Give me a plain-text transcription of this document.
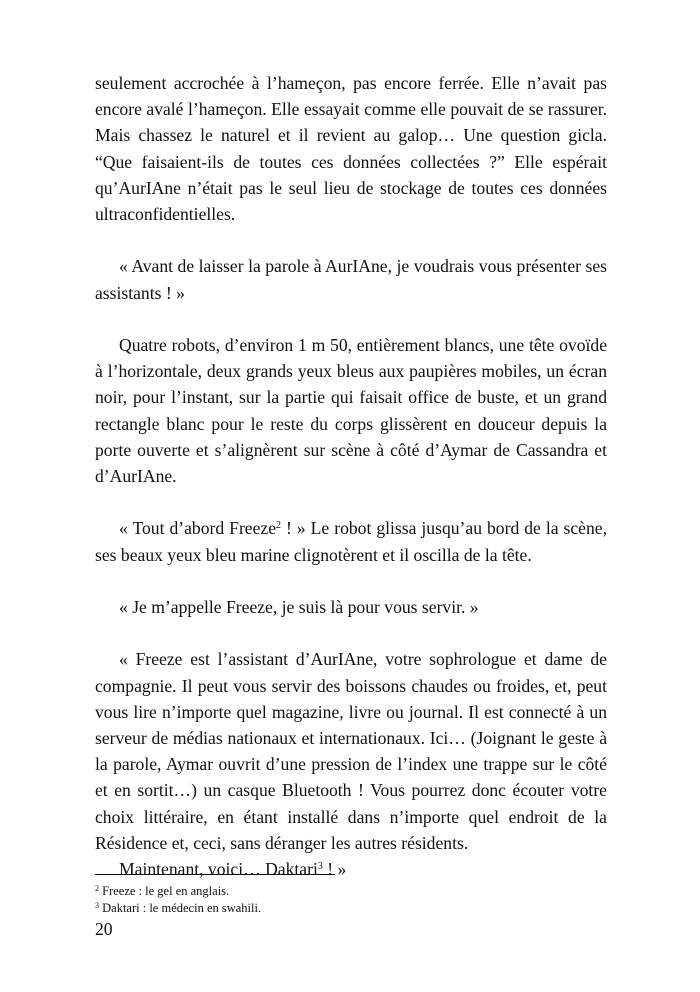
seulement accrochée à l’hameçon, pas encore ferrée. Elle n’avait pas encore avalé l’hameçon. Elle essayait comme elle pouvait de se rassurer. Mais chassez le naturel et il revient au galop… Une question gicla. “Que faisaient-ils de toutes ces données collectées ?” Elle espérait qu’AurIAne n’était pas le seul lieu de stockage de toutes ces données ultraconfidentielles.

« Avant de laisser la parole à AurIAne, je voudrais vous présenter ses assistants ! »

Quatre robots, d’environ 1 m 50, entièrement blancs, une tête ovoïde à l’horizontale, deux grands yeux bleus aux paupières mobiles, un écran noir, pour l’instant, sur la partie qui faisait office de buste, et un grand rectangle blanc pour le reste du corps glissèrent en douceur depuis la porte ouverte et s’alignèrent sur scène à côté d’Aymar de Cassandra et d’AurIAne.

« Tout d’abord Freeze$^2$ ! » Le robot glissa jusqu’au bord de la scène, ses beaux yeux bleu marine clignotèrent et il oscilla de la tête.

« Je m’appelle Freeze, je suis là pour vous servir. »

« Freeze est l’assistant d’AurIAne, votre sophrologue et dame de compagnie. Il peut vous servir des boissons chaudes ou froides, et, peut vous lire n’importe quel magazine, livre ou journal. Il est connecté à un serveur de médias nationaux et internationaux. Ici… (Joignant le geste à la parole, Aymar ouvrit d’une pression de l’index une trappe sur le côté et en sortit…) un casque Bluetooth ! Vous pourrez donc écouter votre choix littéraire, en étant installé dans n’importe quel endroit de la Résidence et, ceci, sans déranger les autres résidents.

Maintenant, voici… Daktari$^3$ ! »

$^2$ Freeze : le gel en anglais.
$^3$ Daktari : le médecin en swahili.
20
